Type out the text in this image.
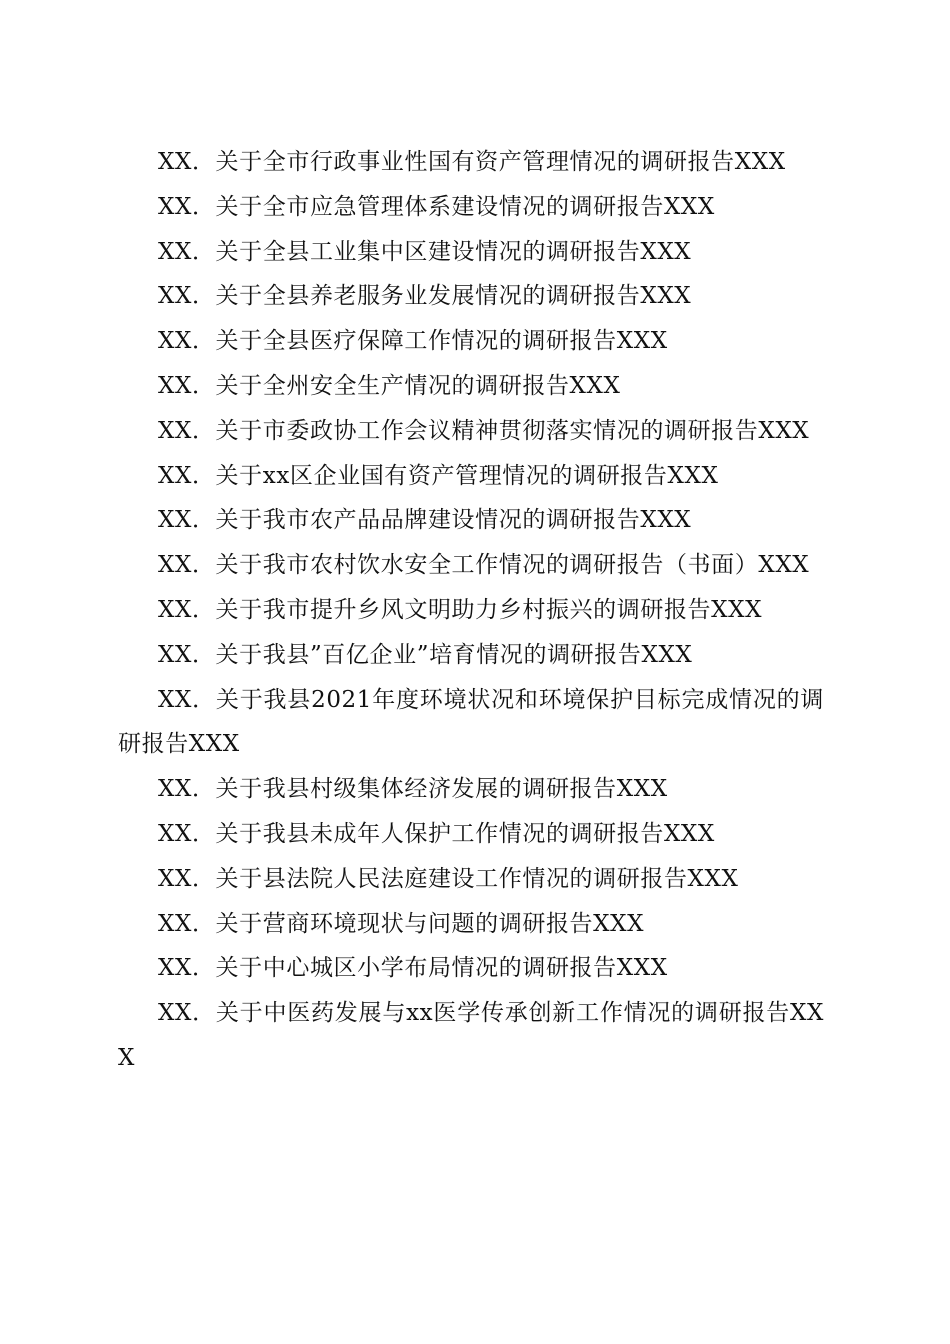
XX．关于全市行政事业性国有资产管理情况的调研报告XXX

XX．关于全市应急管理体系建设情况的调研报告XXX

XX．关于全县工业集中区建设情况的调研报告XXX

XX．关于全县养老服务业发展情况的调研报告XXX

XX．关于全县医疗保障工作情况的调研报告XXX

XX．关于全州安全生产情况的调研报告XXX

XX．关于市委政协工作会议精神贯彻落实情况的调研报告XXX

XX．关于xx区企业国有资产管理情况的调研报告XXX

XX．关于我市农产品品牌建设情况的调研报告XXX

XX．关于我市农村饮水安全工作情况的调研报告（书面）XXX

XX．关于我市提升乡风文明助力乡村振兴的调研报告XXX

XX．关于我县”百亿企业”培育情况的调研报告XXX

XX．关于我县2021年度环境状况和环境保护目标完成情况的调研报告XXX

XX．关于我县村级集体经济发展的调研报告XXX

XX．关于我县未成年人保护工作情况的调研报告XXX

XX．关于县法院人民法庭建设工作情况的调研报告XXX

XX．关于营商环境现状与问题的调研报告XXX

XX．关于中心城区小学布局情况的调研报告XXX

XX．关于中医药发展与xx医学传承创新工作情况的调研报告XXX
